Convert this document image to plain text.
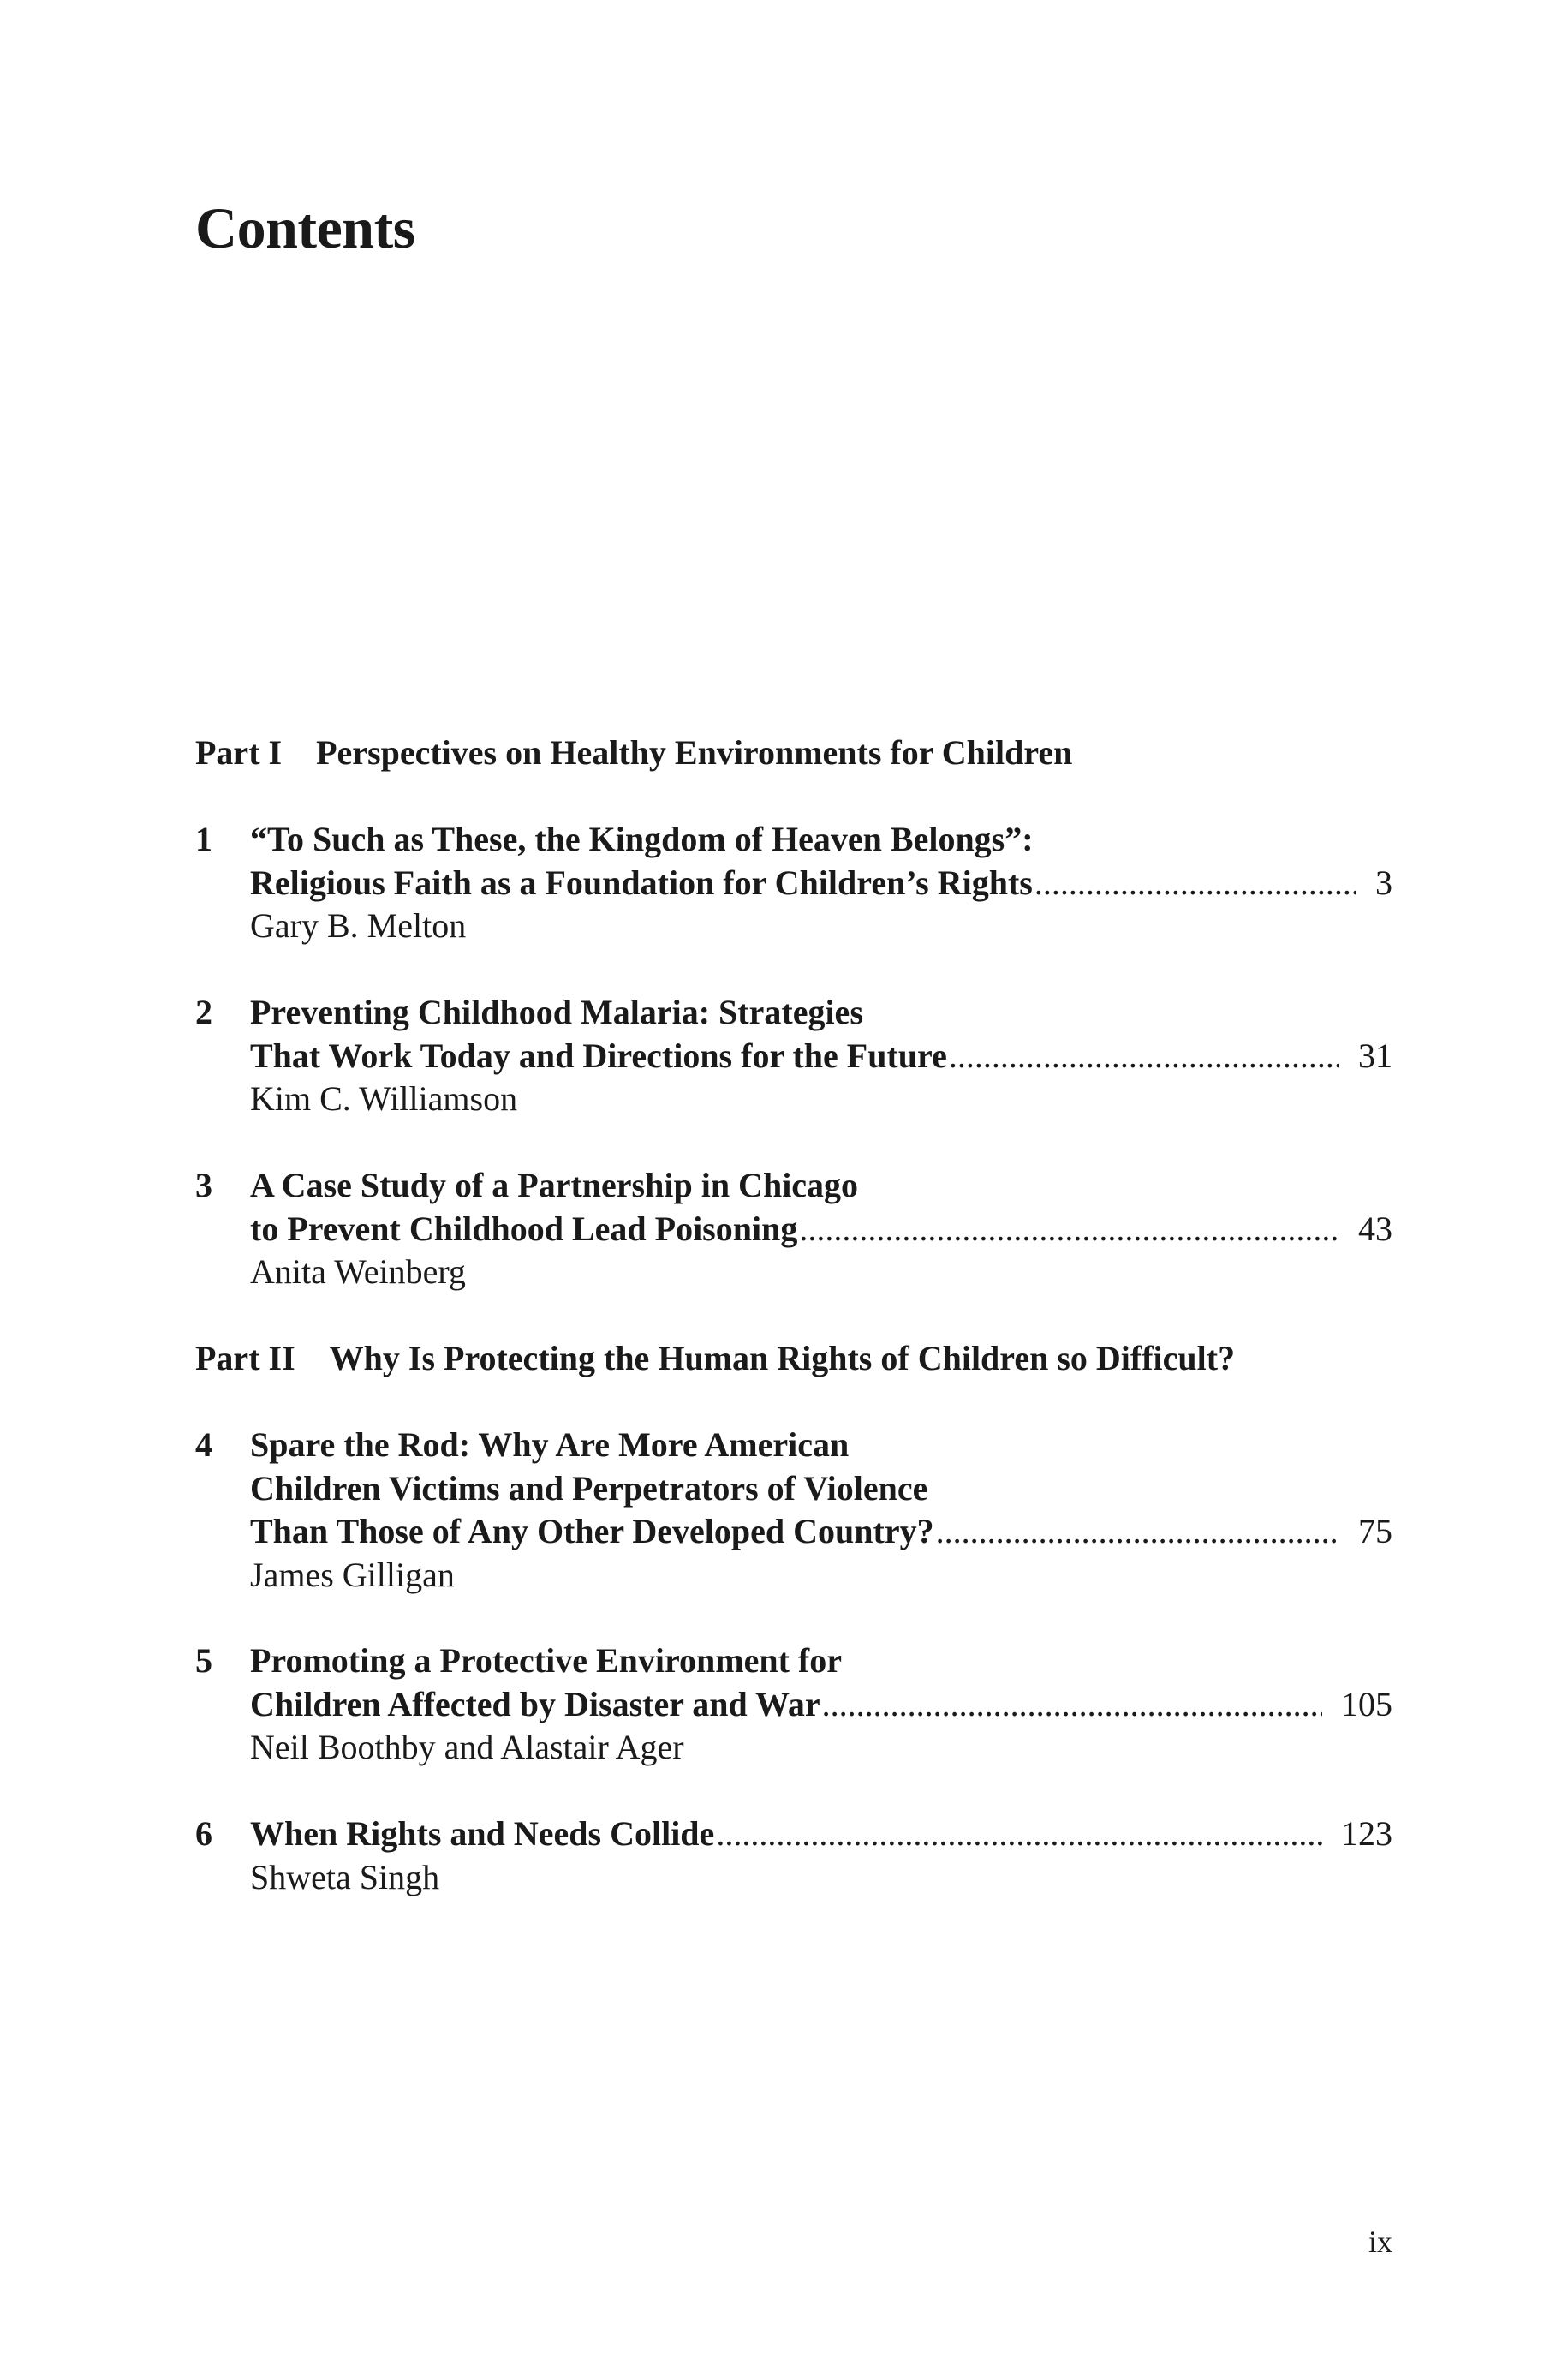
Contents
Part I Perspectives on Healthy Environments for Children
1 “To Such as These, the Kingdom of Heaven Belongs”:
Religious Faith as a Foundation for Children’s Rights .....	3
Gary B. Melton
2 Preventing Childhood Malaria: Strategies
That Work Today and Directions for the Future .....	31
Kim C. Williamson
3 A Case Study of a Partnership in Chicago
to Prevent Childhood Lead Poisoning .....	43
Anita Weinberg
Part II Why Is Protecting the Human Rights of Children so Difficult?
4 Spare the Rod: Why Are More American
Children Victims and Perpetrators of Violence
Than Those of Any Other Developed Country? .....	75
James Gilligan
5 Promoting a Protective Environment for
Children Affected by Disaster and War .....	105
Neil Boothby and Alastair Ager
6 When Rights and Needs Collide .....	123
Shweta Singh
ix
